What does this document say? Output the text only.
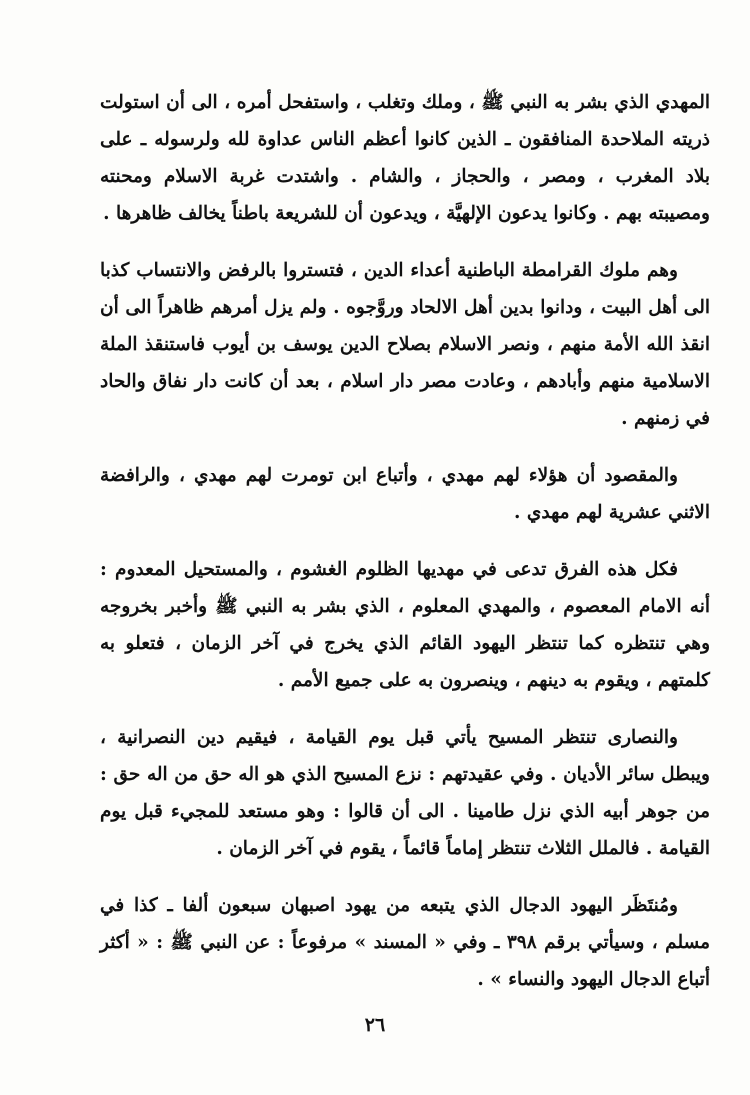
المهدي الذي بشر به النبي ﷺ ، وملك وتغلب ، واستفحل أمره ، الى أن استولت ذريته الملاحدة المنافقون ـ الذين كانوا أعظم الناس عداوة لله ولرسوله ـ على بلاد المغرب ، ومصر ، والحجاز ، والشام . واشتدت غربة الاسلام ومحنته ومصيبته بهم . وكانوا يدعون الإلهيَّة ، ويدعون أن للشريعة باطناً يخالف ظاهرها .

وهم ملوك القرامطة الباطنية أعداء الدين ، فتستروا بالرفض والانتساب كذبا الى أهل البيت ، ودانوا بدين أهل الالحاد وروَّجوه . ولم يزل أمرهم ظاهراً الى أن انقذ الله الأمة منهم ، ونصر الاسلام بصلاح الدين يوسف بن أيوب فاستنقذ الملة الاسلامية منهم وأبادهم ، وعادت مصر دار اسلام ، بعد أن كانت دار نفاق والحاد في زمنهم .

والمقصود أن هؤلاء لهم مهدي ، وأتباع ابن تومرت لهم مهدي ، والرافضة الاثني عشرية لهم مهدي .

فكل هذه الفرق تدعى في مهديها الظلوم الغشوم ، والمستحيل المعدوم : أنه الامام المعصوم ، والمهدي المعلوم ، الذي بشر به النبي ﷺ وأخبر بخروجه وهي تنتظره كما تنتظر اليهود القائم الذي يخرج في آخر الزمان ، فتعلو به كلمتهم ، ويقوم به دينهم ، وينصرون به على جميع الأمم .

والنصارى تنتظر المسيح يأتي قبل يوم القيامة ، فيقيم دين النصرانية ، ويبطل سائر الأديان . وفي عقيدتهم : نزع المسيح الذي هو اله حق من اله حق : من جوهر أبيه الذي نزل طامينا . الى أن قالوا : وهو مستعد للمجيء قبل يوم القيامة . فالملل الثلاث تنتظر إماماً قائماً ، يقوم في آخر الزمان .

ومُنتَظَر اليهود الدجال الذي يتبعه من يهود اصبهان سبعون ألفا ـ كذا في مسلم ، وسيأتي برقم ٣٩٨ ـ وفي « المسند » مرفوعاً : عن النبي ﷺ : « أكثر أتباع الدجال اليهود والنساء » .

٢٦
